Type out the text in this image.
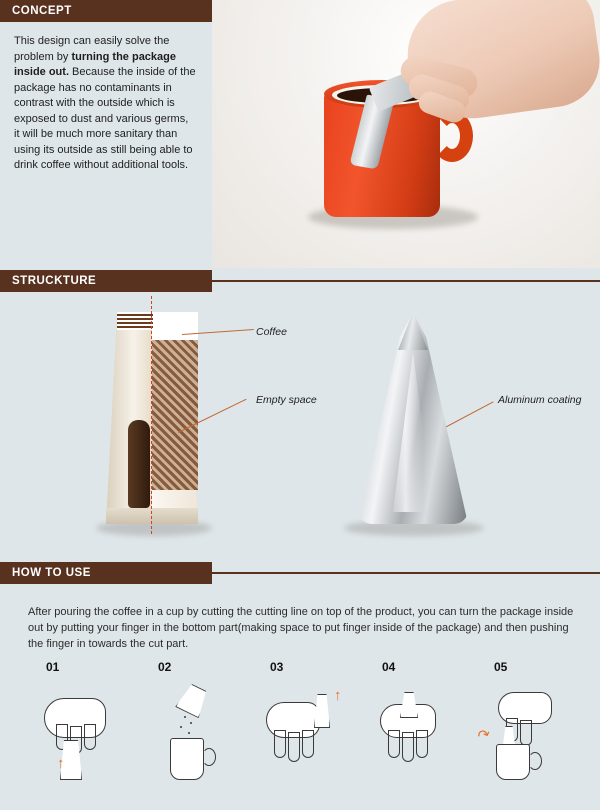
CONCEPT
This design can easily solve the problem by turning the package inside out. Because the inside of the package has no contaminants in contrast with the outside which is exposed to dust and various germs, it will be much more sanitary than using its outside as still being able to drink coffee without additional tools.
STRUCKTURE
Coffee
Empty space	Aluminum coating
HOW TO USE
After pouring the coffee in a cup by cutting the cutting line on top of the product, you can turn the package inside out by putting your finger in the bottom part(making space to put finger inside of the package) and then pushing the finger in towards the cut part.
01
↑
02	03
↑
04	05
↷
